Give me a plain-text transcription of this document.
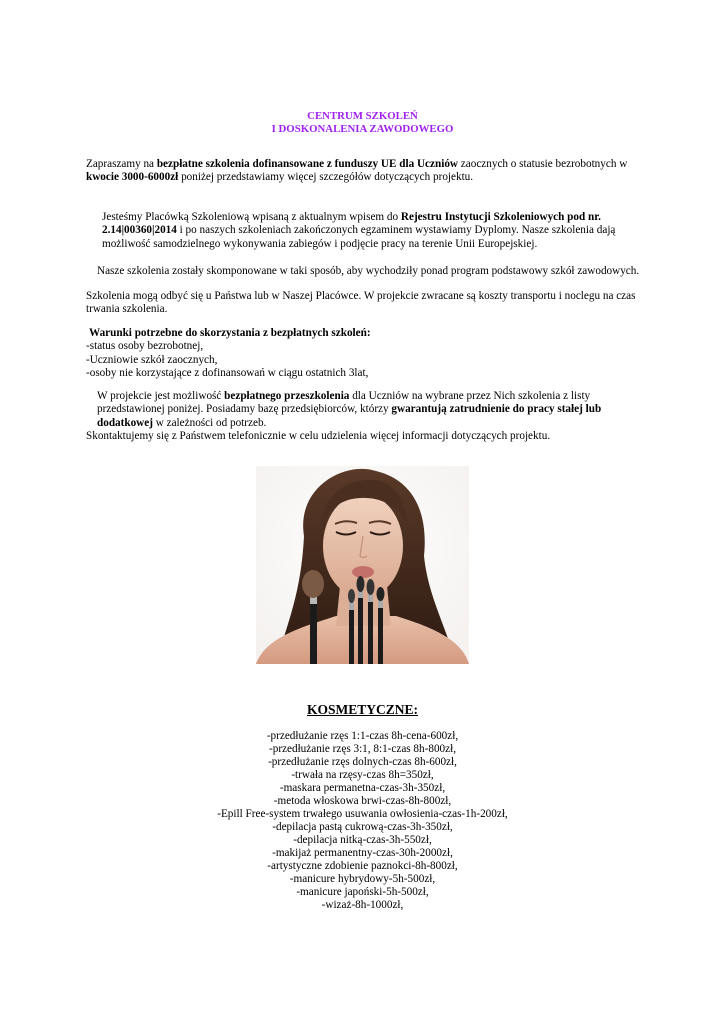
CENTRUM SZKOLEŃ
I DOSKONALENIA ZAWODOWEGO
Zapraszamy na bezpłatne szkolenia dofinansowane z funduszy UE dla Uczniów zaocznych o statusie bezrobotnych w kwocie 3000-6000zł poniżej przedstawiamy więcej szczegółów dotyczących projektu.
Jesteśmy Placówką Szkoleniową wpisaną z aktualnym wpisem do Rejestru Instytucji Szkoleniowych pod nr. 2.14|00360|2014 i po naszych szkoleniach zakończonych egzaminem wystawiamy Dyplomy. Nasze szkolenia dają możliwość samodzielnego wykonywania zabiegów i podjęcie pracy na terenie Unii Europejskiej.
Nasze szkolenia zostały skomponowane w taki sposób, aby wychodziły ponad program podstawowy szkół zawodowych.
Szkolenia mogą odbyć się u Państwa lub w Naszej Placówce. W projekcie zwracane są koszty transportu i noclegu na czas trwania szkolenia.
Warunki potrzebne do skorzystania z bezpłatnych szkoleń:
-status osoby bezrobotnej,
-Uczniowie szkół zaocznych,
-osoby nie korzystające z dofinansowań w ciągu ostatnich 3lat,
W projekcie jest możliwość bezpłatnego przeszkolenia dla Uczniów na wybrane przez Nich szkolenia z listy przedstawionej poniżej. Posiadamy bazę przedsiębiorców, którzy gwarantują zatrudnienie do pracy stałej lub dodatkowej w zależności od potrzeb.
Skontaktujemy się z Państwem telefonicznie w celu udzielenia więcej informacji dotyczących projektu.
KOSMETYCZNE:
-przedłużanie rzęs 1:1-czas 8h-cena-600zł,
-przedłużanie rzęs 3:1, 8:1-czas 8h-800zł,
-przedłużanie rzęs dolnych-czas 8h-600zł,
-trwała na rzęsy-czas 8h=350zł,
-maskara permanetna-czas-3h-350zł,
-metoda włoskowa brwi-czas-8h-800zł,
-Epill Free-system trwałego usuwania owłosienia-czas-1h-200zł,
-depilacja pastą cukrową-czas-3h-350zł,
-depilacja nitką-czas-3h-550zł,
-makijaż permanentny-czas-30h-2000zł,
-artystyczne zdobienie paznokci-8h-800zł,
-manicure hybrydowy-5h-500zł,
-manicure japoński-5h-500zł,
-wizaż-8h-1000zł,
